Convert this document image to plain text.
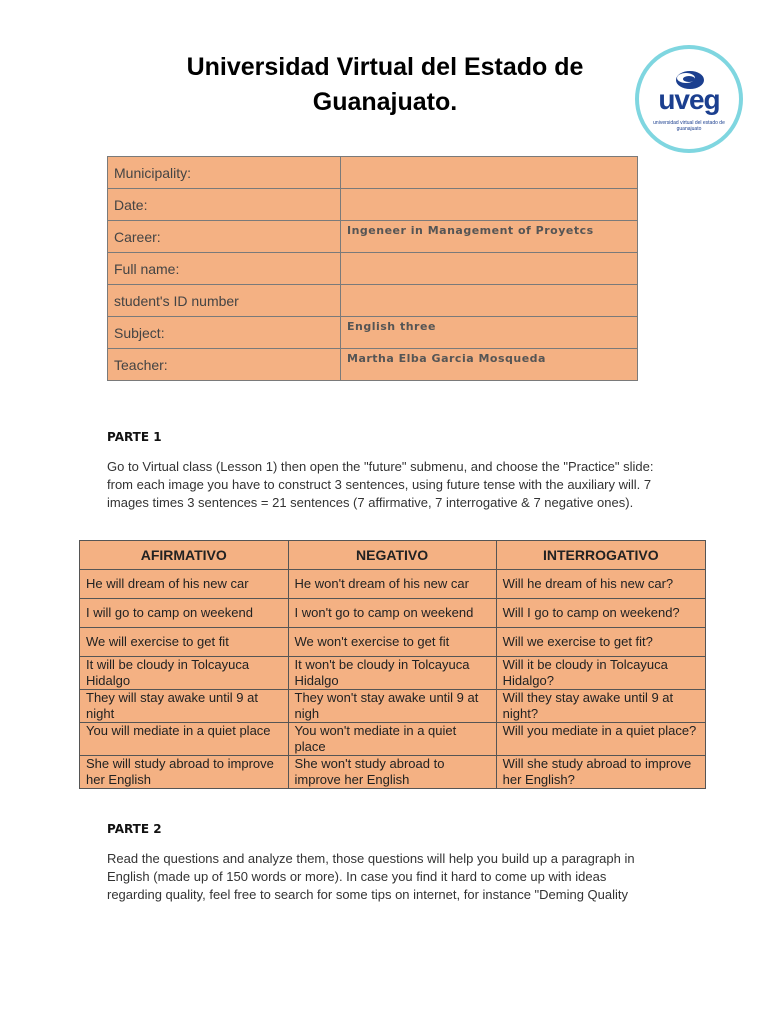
Universidad Virtual del Estado de Guanajuato.	uveg
universidad virtual del estado de guanajuato
Municipality:	
Date:	
Career:	Ingeneer in Management of Proyetcs
Full name:	
student's ID number	
Subject:	English three
Teacher:	Martha Elba Garcia Mosqueda
PARTE 1
Go to Virtual class (Lesson 1) then open the "future" submenu, and choose the "Practice" slide: from each image you have to construct 3 sentences, using future tense with the auxiliary will. 7 images times 3 sentences = 21 sentences (7 affirmative, 7 interrogative & 7 negative ones).
AFIRMATIVO	NEGATIVO	INTERROGATIVO
He will dream of his new car	He won't dream of his new car	Will he dream of his new car?
I will go to camp on weekend	I won't go to camp on weekend	Will I go to camp on weekend?
We will exercise to get fit	We won't exercise to get fit	Will we exercise to get fit?
It will be cloudy in Tolcayuca Hidalgo	It won't be cloudy in Tolcayuca Hidalgo	Will it be cloudy in Tolcayuca Hidalgo?
They will stay awake until 9 at night	They won't stay awake until 9 at nigh	Will they stay awake until 9 at night?
You will mediate in a quiet place	You won't mediate in a quiet place	Will you mediate in a quiet place?
She will study abroad to improve her English	She won't study abroad to improve her English	Will she study abroad to improve her English?
PARTE 2
Read the questions and analyze them, those questions will help you build up a paragraph in English (made up of 150 words or more). In case you find it hard to come up with ideas regarding quality, feel free to search for some tips on internet, for instance "Deming Quality
